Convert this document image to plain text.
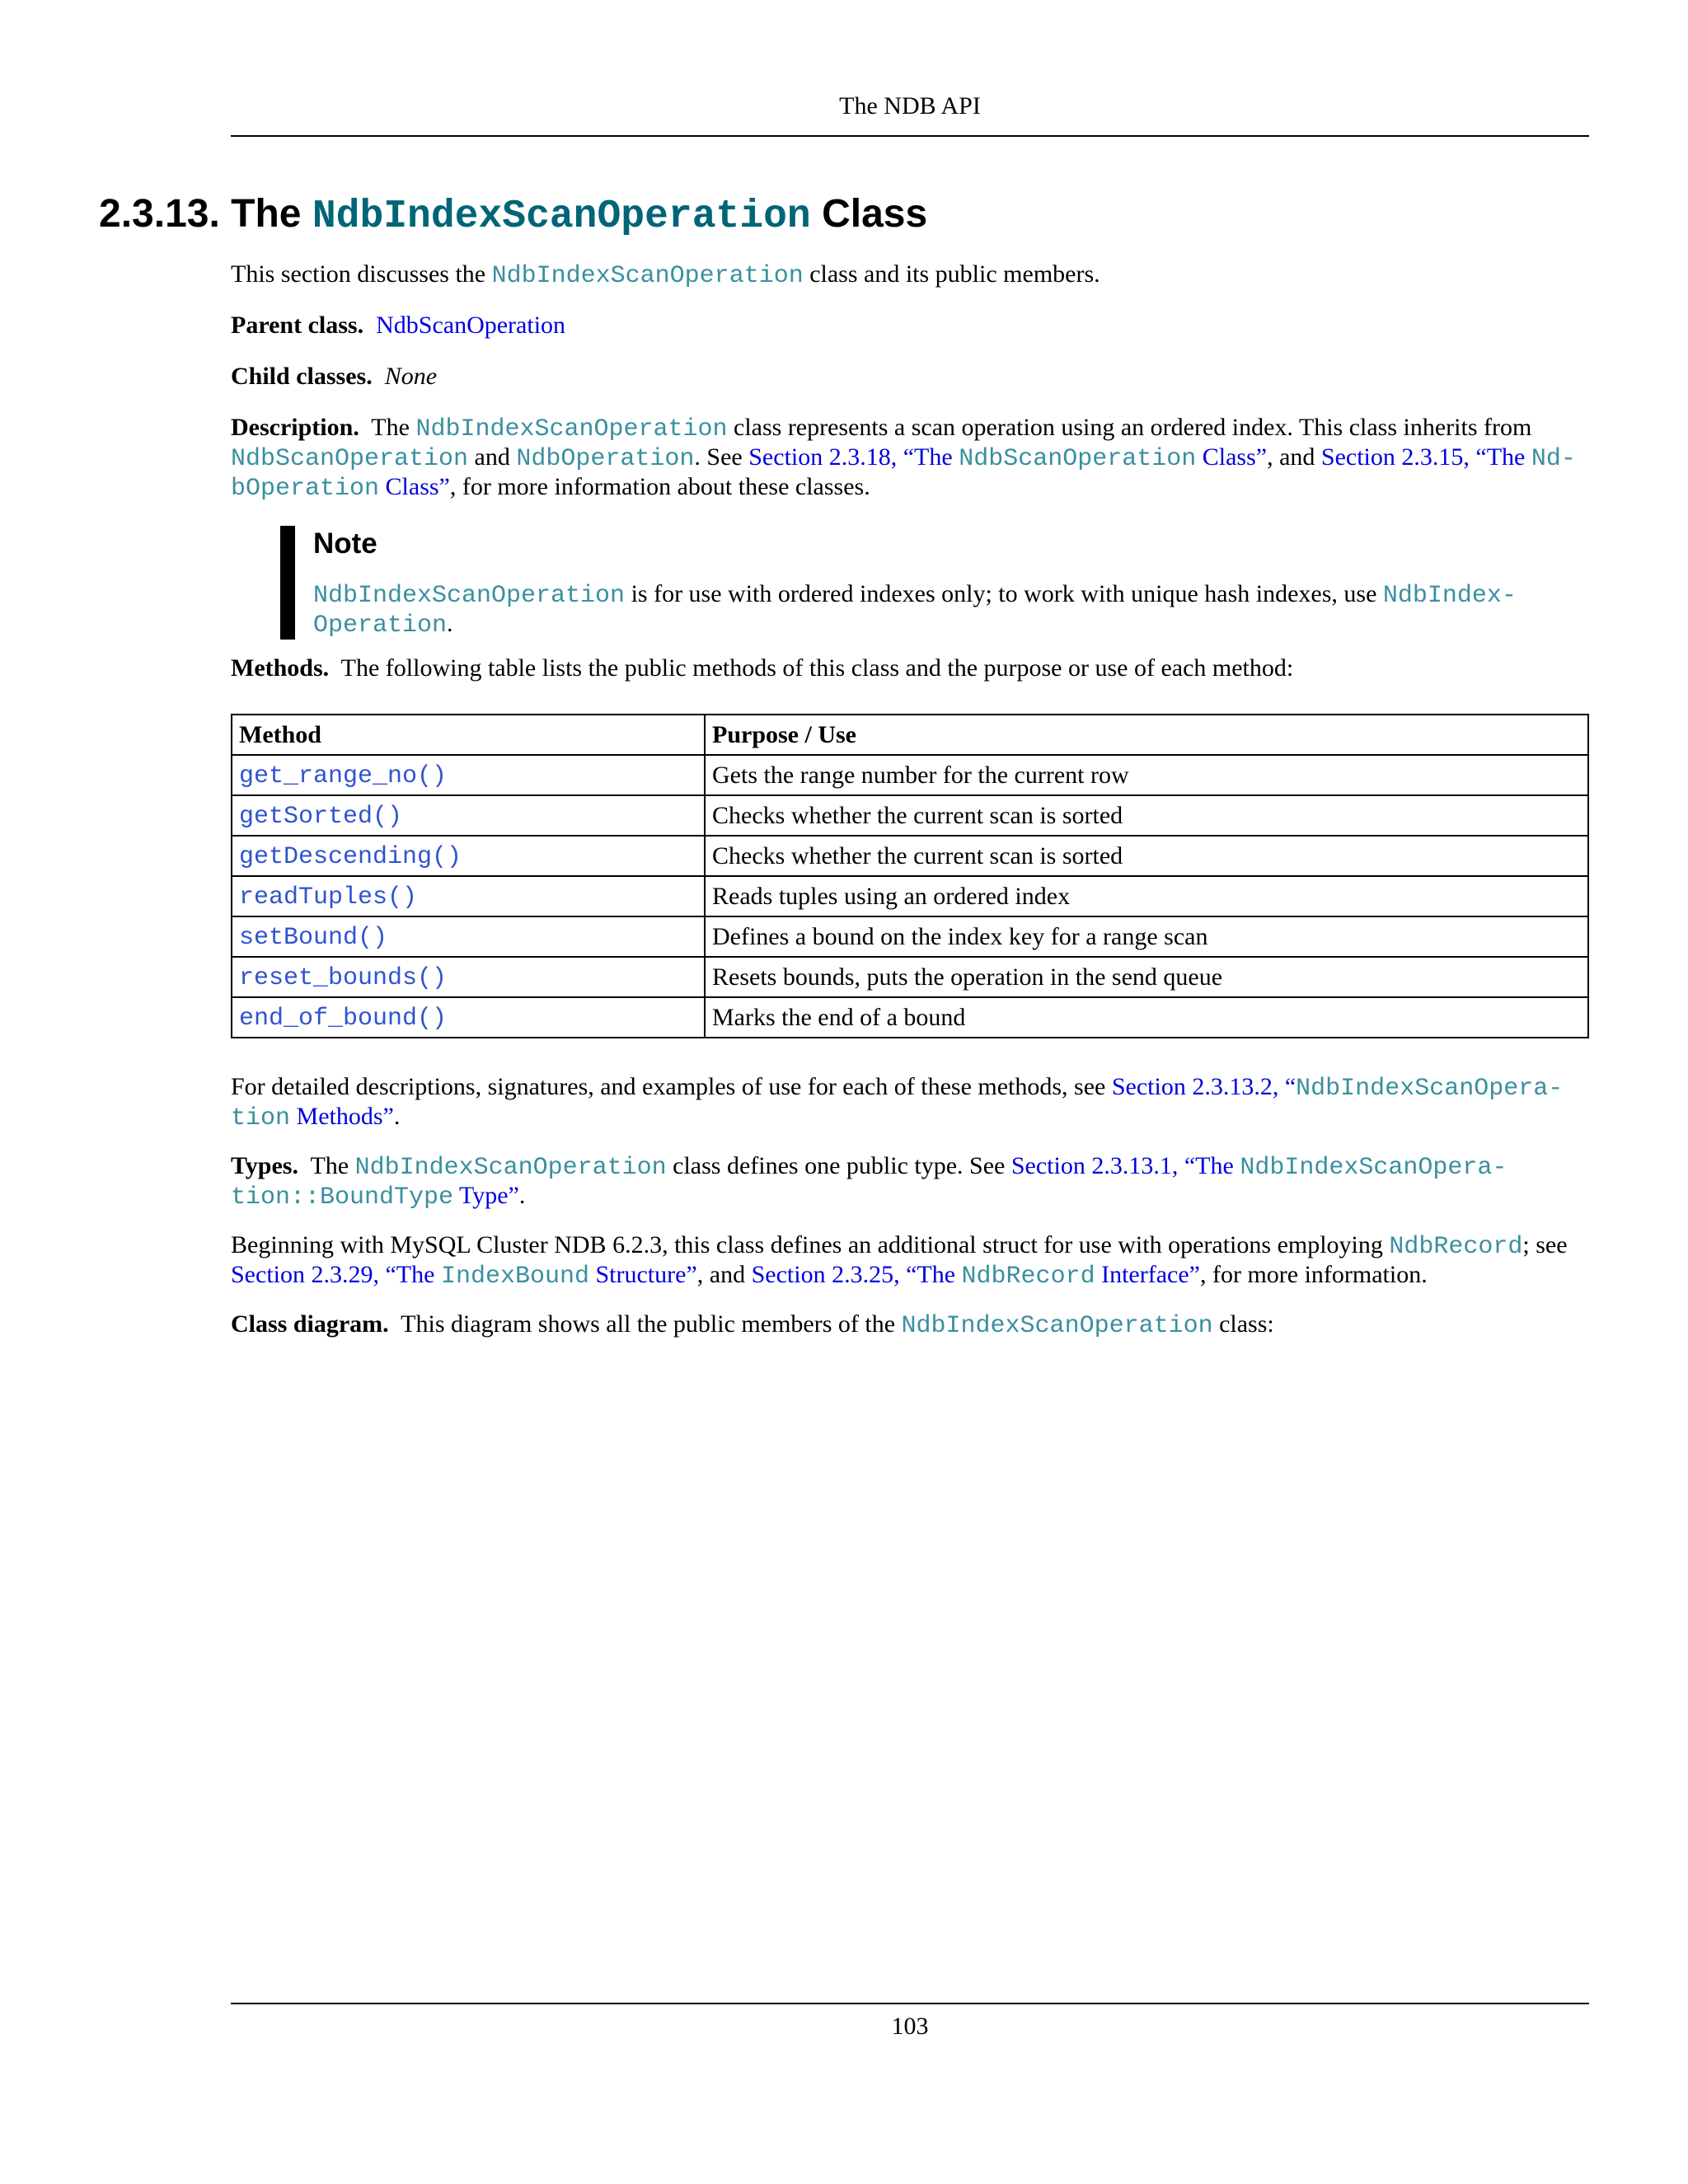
The NDB API
2.3.13. The NdbIndexScanOperation Class

This section discusses the NdbIndexScanOperation class and its public members.

Parent class. NdbScanOperation

Child classes. None

Description. The NdbIndexScanOperation class represents a scan operation using an ordered index. This class inherits from NdbScanOperation and NdbOperation. See Section 2.3.18, “The NdbScanOperation Class”, and Section 2.3.15, “The Nd-bOperation Class”, for more information about these classes.

Note
NdbIndexScanOperation is for use with ordered indexes only; to work with unique hash indexes, use NdbIndex-Operation.

Methods. The following table lists the public methods of this class and the purpose or use of each method:

Method	Purpose / Use
get_range_no()	Gets the range number for the current row
getSorted()	Checks whether the current scan is sorted
getDescending()	Checks whether the current scan is sorted
readTuples()	Reads tuples using an ordered index
setBound()	Defines a bound on the index key for a range scan
reset_bounds()	Resets bounds, puts the operation in the send queue
end_of_bound()	Marks the end of a bound

For detailed descriptions, signatures, and examples of use for each of these methods, see Section 2.3.13.2, “NdbIndexScanOpera-tion Methods”.

Types. The NdbIndexScanOperation class defines one public type. See Section 2.3.13.1, “The NdbIndexScanOpera-tion::BoundType Type”.

Beginning with MySQL Cluster NDB 6.2.3, this class defines an additional struct for use with operations employing NdbRecord; see Section 2.3.29, “The IndexBound Structure”, and Section 2.3.25, “The NdbRecord Interface”, for more information.

Class diagram. This diagram shows all the public members of the NdbIndexScanOperation class:

103
